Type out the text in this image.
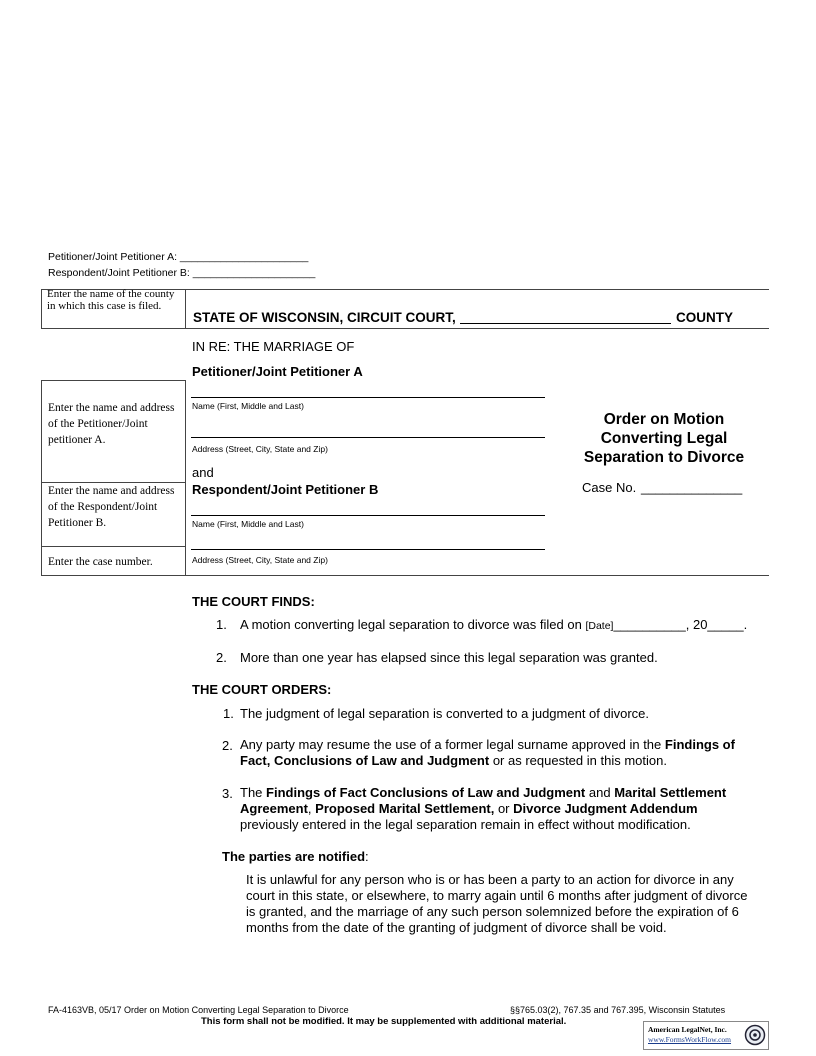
Petitioner/Joint Petitioner A: ______________________
Respondent/Joint Petitioner B: _____________________
Enter the name of the county in which this case is filed.
Enter the name and address of the Petitioner/Joint petitioner A.
Enter the name and address of the Respondent/Joint Petitioner B.
Enter the case number.
STATE OF WISCONSIN, CIRCUIT COURT,	COUNTY
IN RE: THE MARRIAGE OF
Petitioner/Joint Petitioner A
Name (First, Middle and Last)
Address (Street, City, State and Zip)
and
Respondent/Joint Petitioner B
Name (First, Middle and Last)
Address (Street, City, State and Zip)
Order on Motion
Converting Legal
Separation to Divorce
Case No. ______________
THE COURT FINDS:
1. A motion converting legal separation to divorce was filed on [Date]__________, 20_____.
2. More than one year has elapsed since this legal separation was granted.
THE COURT ORDERS:
1. The judgment of legal separation is converted to a judgment of divorce.
2. Any party may resume the use of a former legal surname approved in the Findings of Fact, Conclusions of Law and Judgment or as requested in this motion.
3. The Findings of Fact Conclusions of Law and Judgment and Marital Settlement Agreement, Proposed Marital Settlement, or Divorce Judgment Addendum previously entered in the legal separation remain in effect without modification.
The parties are notified:
It is unlawful for any person who is or has been a party to an action for divorce in any court in this state, or elsewhere, to marry again until 6 months after judgment of divorce is granted, and the marriage of any such person solemnized before the expiration of 6 months from the date of the granting of judgment of divorce shall be void.
FA-4163VB, 05/17 Order on Motion Converting Legal Separation to Divorce	§§765.03(2), 767.35 and 767.395, Wisconsin Statutes
This form shall not be modified. It may be supplemented with additional material.
American LegalNet, Inc.
www.FormsWorkFlow.com
